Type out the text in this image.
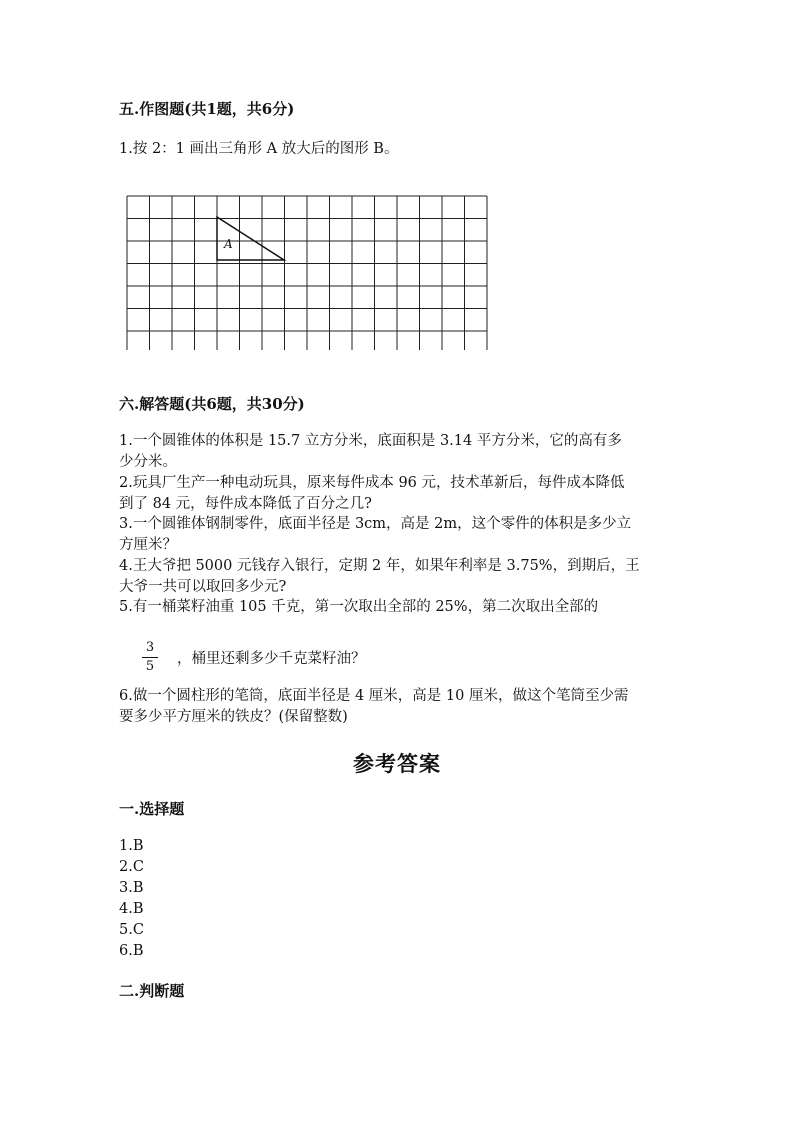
五.作图题(共1题，共6分)
1.按 2：1 画出三角形 A 放大后的图形 B。
A
六.解答题(共6题，共30分)
1.一个圆锥体的体积是 15.7 立方分米，底面积是 3.14 平方分米，它的高有多
少分米。
2.玩具厂生产一种电动玩具，原来每件成本 96 元，技术革新后，每件成本降低
到了 84 元，每件成本降低了百分之几?
3.一个圆锥体钢制零件，底面半径是 3cm，高是 2m，这个零件的体积是多少立
方厘米？
4.王大爷把 5000 元钱存入银行，定期 2 年，如果年利率是 3.75%，到期后，王
大爷一共可以取回多少元?
5.有一桶菜籽油重 105 千克，第一次取出全部的 25%，第二次取出全部的
3
5	，桶里还剩多少千克菜籽油？
6.做一个圆柱形的笔筒，底面半径是 4 厘米，高是 10 厘米，做这个笔筒至少需
要多少平方厘米的铁皮？(保留整数)
参考答案
一.选择题
1.B
2.C
3.B
4.B
5.C
6.B
二.判断题
